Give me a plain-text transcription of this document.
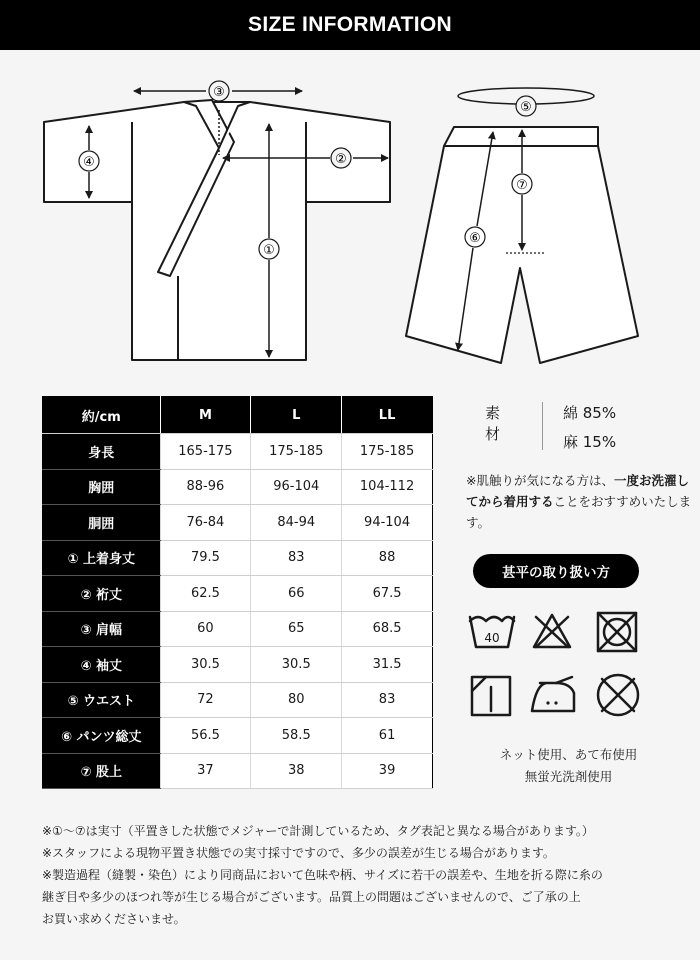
SIZE INFORMATION
③
④	②
①
⑤
⑦
⑥
約/cm	M	L	LL
身長	165-175	175-185	175-185
胸囲	88-96	96-104	104-112
胴囲	76-84	84-94	94-104
① 上着身丈	79.5	83	88
② 裄丈	62.5	66	67.5
③ 肩幅	60	65	68.5
④ 袖丈	30.5	30.5	31.5
⑤ ウエスト	72	80	83
⑥ パンツ総丈	56.5	58.5	61
⑦ 股上	37	38	39
素材
綿 85%
麻 15%
※肌触りが気になる方は、一度お洗濯してから着用することをおすすめいたします。
甚平の取り扱い方
40
ネット使用、あて布使用
無蛍光洗剤使用
※①～⑦は実寸（平置きした状態でメジャーで計測しているため、タグ表記と異なる場合があります。）
※スタッフによる現物平置き状態での実寸採寸ですので、多少の誤差が生じる場合があります。
※製造過程（縫製・染色）により同商品において色味や柄、サイズに若干の誤差や、生地を折る際に糸の
継ぎ目や多少のほつれ等が生じる場合がございます。品質上の問題はございませんので、ご了承の上
お買い求めくださいませ。
